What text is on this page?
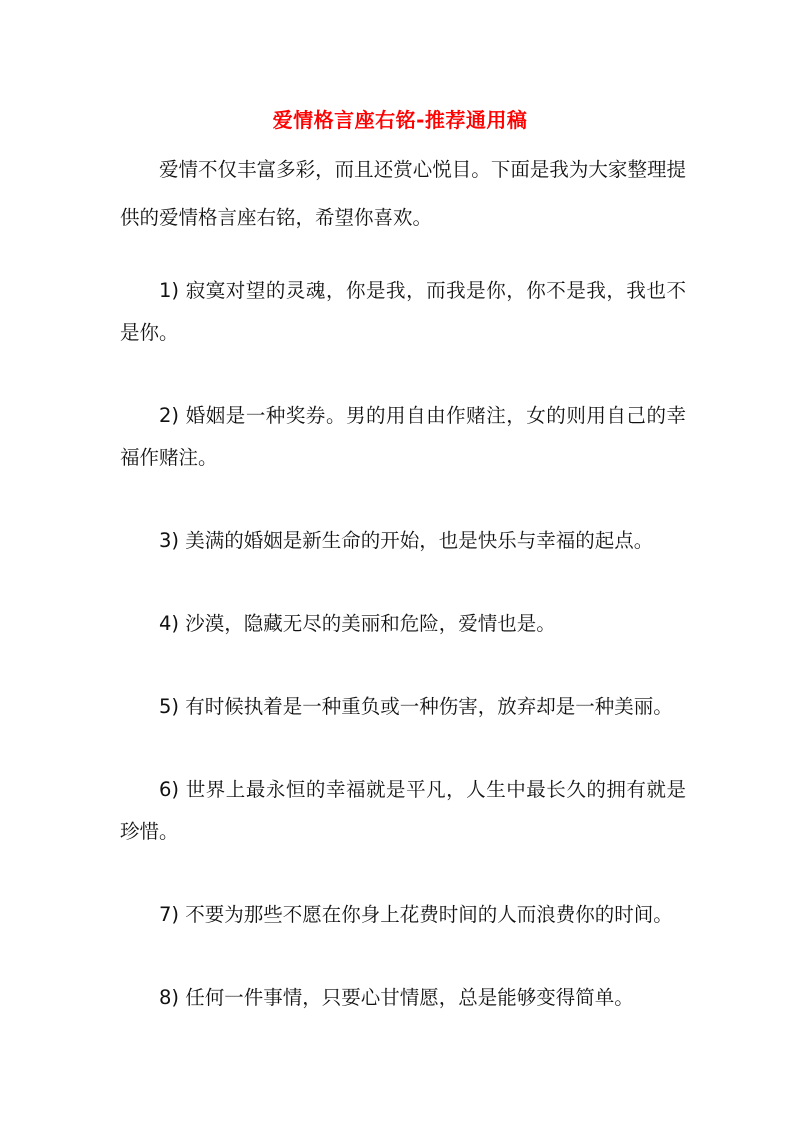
爱情格言座右铭-推荐通用稿

爱情不仅丰富多彩，而且还赏心悦目。下面是我为大家整理提供的爱情格言座右铭，希望你喜欢。

1) 寂寞对望的灵魂，你是我，而我是你，你不是我，我也不是你。
2) 婚姻是一种奖券。男的用自由作赌注，女的则用自己的幸福作赌注。
3) 美满的婚姻是新生命的开始，也是快乐与幸福的起点。
4) 沙漠，隐藏无尽的美丽和危险，爱情也是。
5) 有时候执着是一种重负或一种伤害，放弃却是一种美丽。
6) 世界上最永恒的幸福就是平凡，人生中最长久的拥有就是珍惜。
7) 不要为那些不愿在你身上花费时间的人而浪费你的时间。
8) 任何一件事情，只要心甘情愿，总是能够变得简单。
